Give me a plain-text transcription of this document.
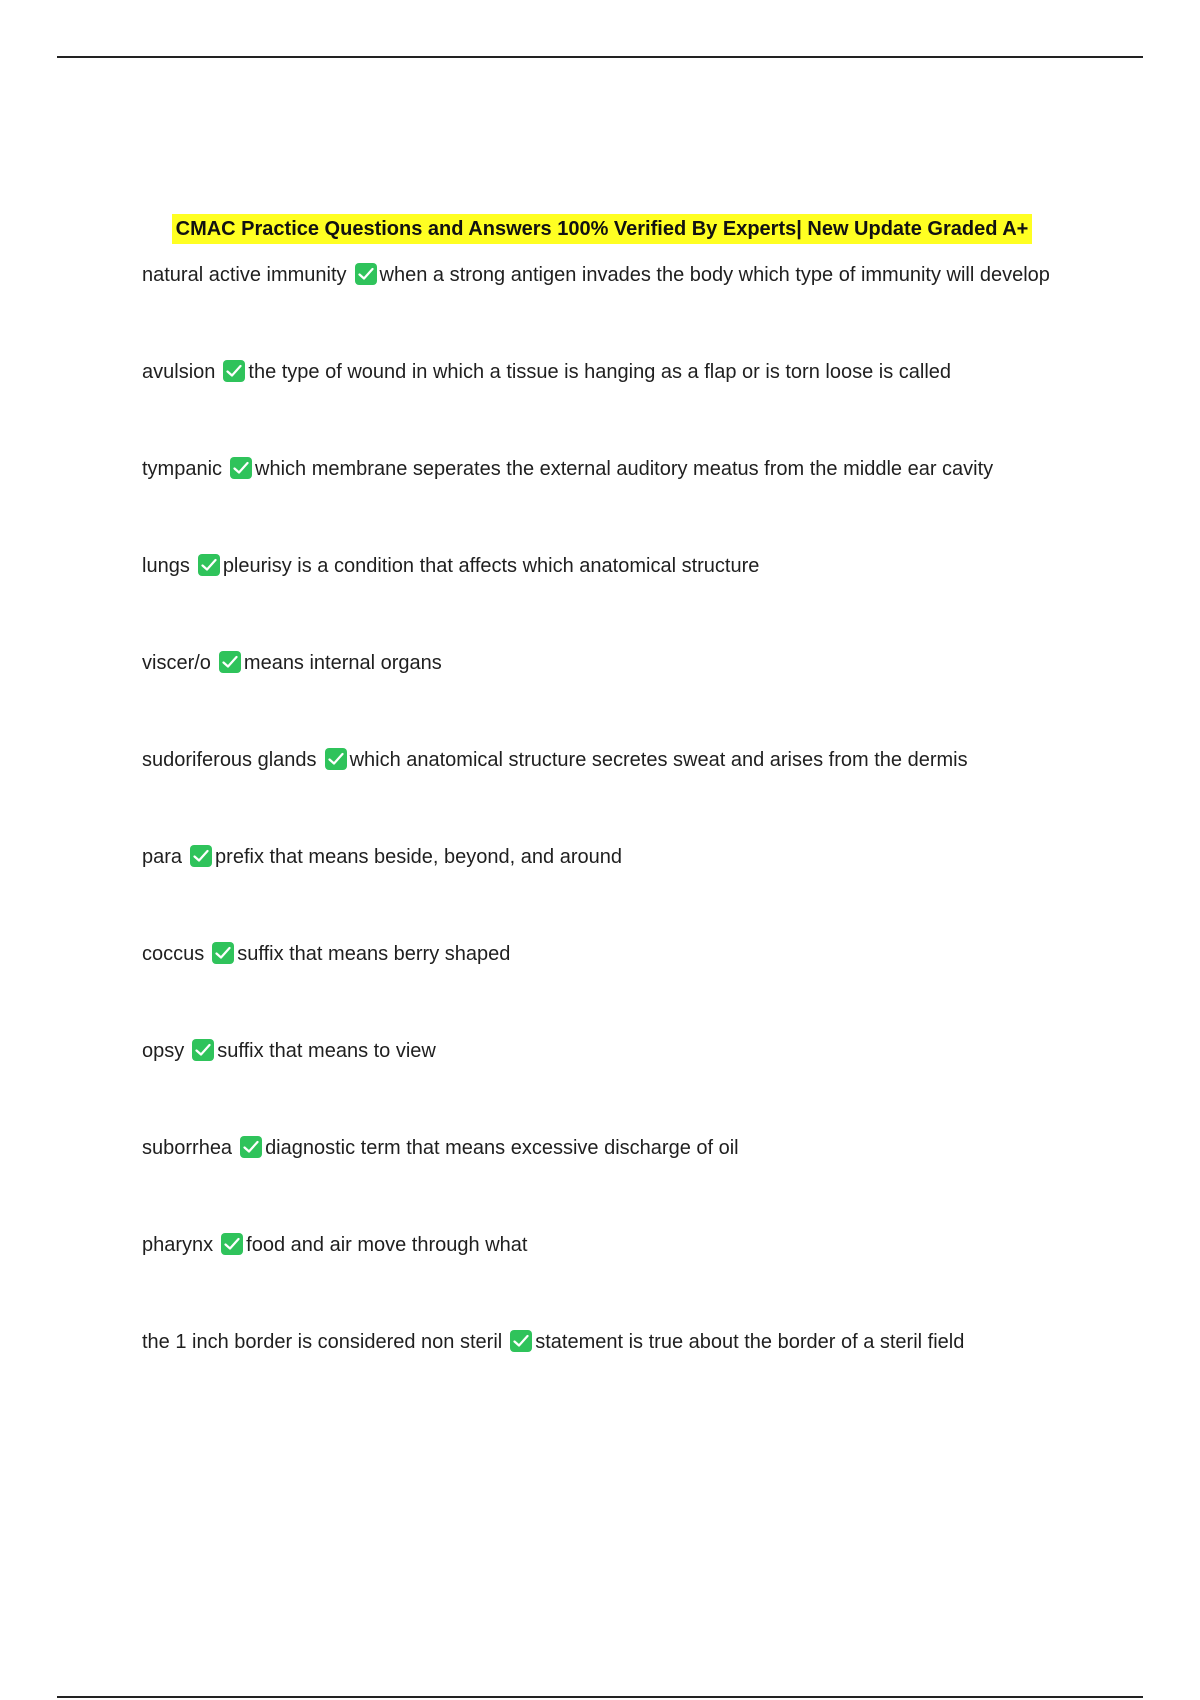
CMAC Practice Questions and Answers 100% Verified By Experts| New Update Graded A+
natural active immunity when a strong antigen invades the body which type of immunity will develop
avulsion the type of wound in which a tissue is hanging as a flap or is torn loose is called
tympanic which membrane seperates the external auditory meatus from the middle ear cavity
lungs pleurisy is a condition that affects which anatomical structure
viscer/o means internal organs
sudoriferous glands which anatomical structure secretes sweat and arises from the dermis
para prefix that means beside, beyond, and around
coccus suffix that means berry shaped
opsy suffix that means to view
suborrhea diagnostic term that means excessive discharge of oil
pharynx food and air move through what
the 1 inch border is considered non steril statement is true about the border of a steril field
